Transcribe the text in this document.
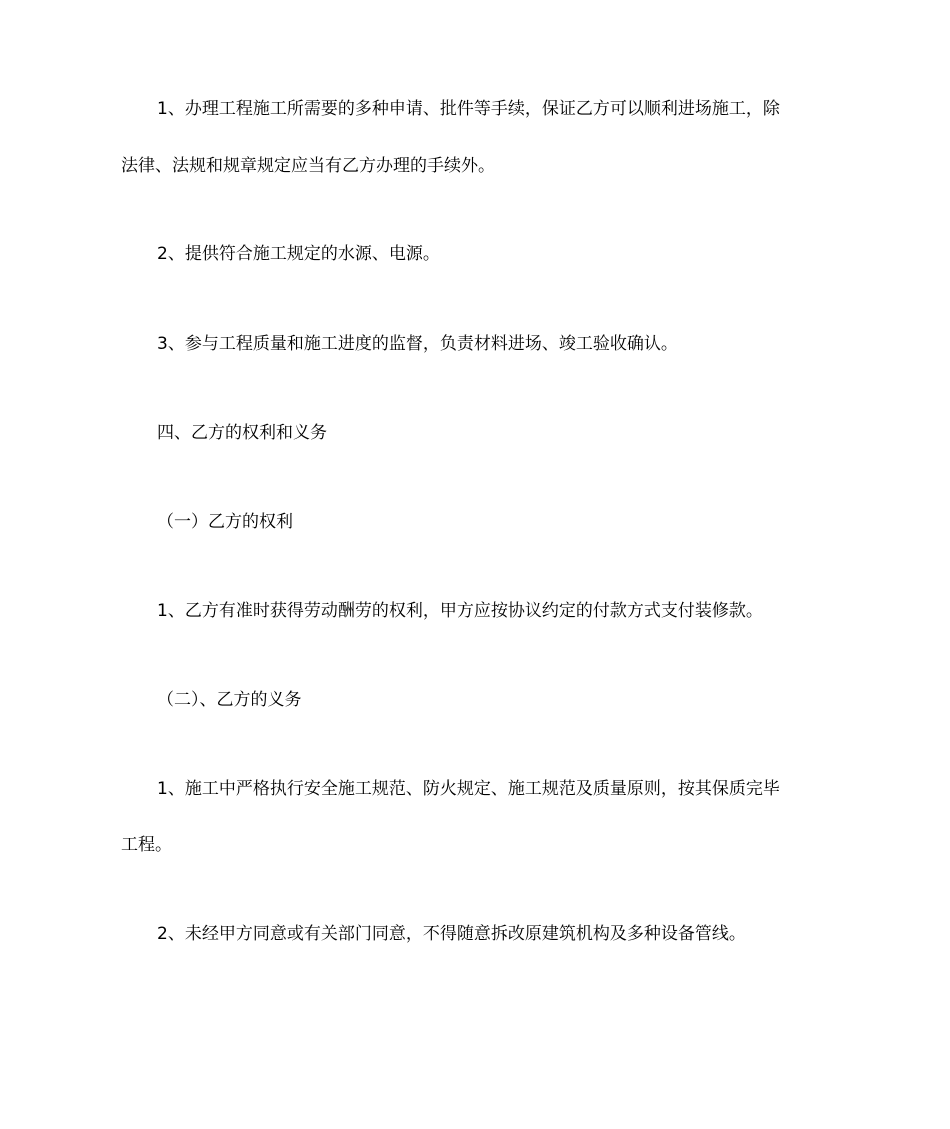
1、办理工程施工所需要的多种申请、批件等手续，保证乙方可以顺利进场施工，除
法律、法规和规章规定应当有乙方办理的手续外。
2、提供符合施工规定的水源、电源。
3、参与工程质量和施工进度的监督，负责材料进场、竣工验收确认。
四、乙方的权利和义务
（一）乙方的权利
1、乙方有准时获得劳动酬劳的权利，甲方应按协议约定的付款方式支付装修款。
（二）、乙方的义务
1、施工中严格执行安全施工规范、防火规定、施工规范及质量原则，按其保质完毕
工程。
2、未经甲方同意或有关部门同意，不得随意拆改原建筑机构及多种设备管线。
